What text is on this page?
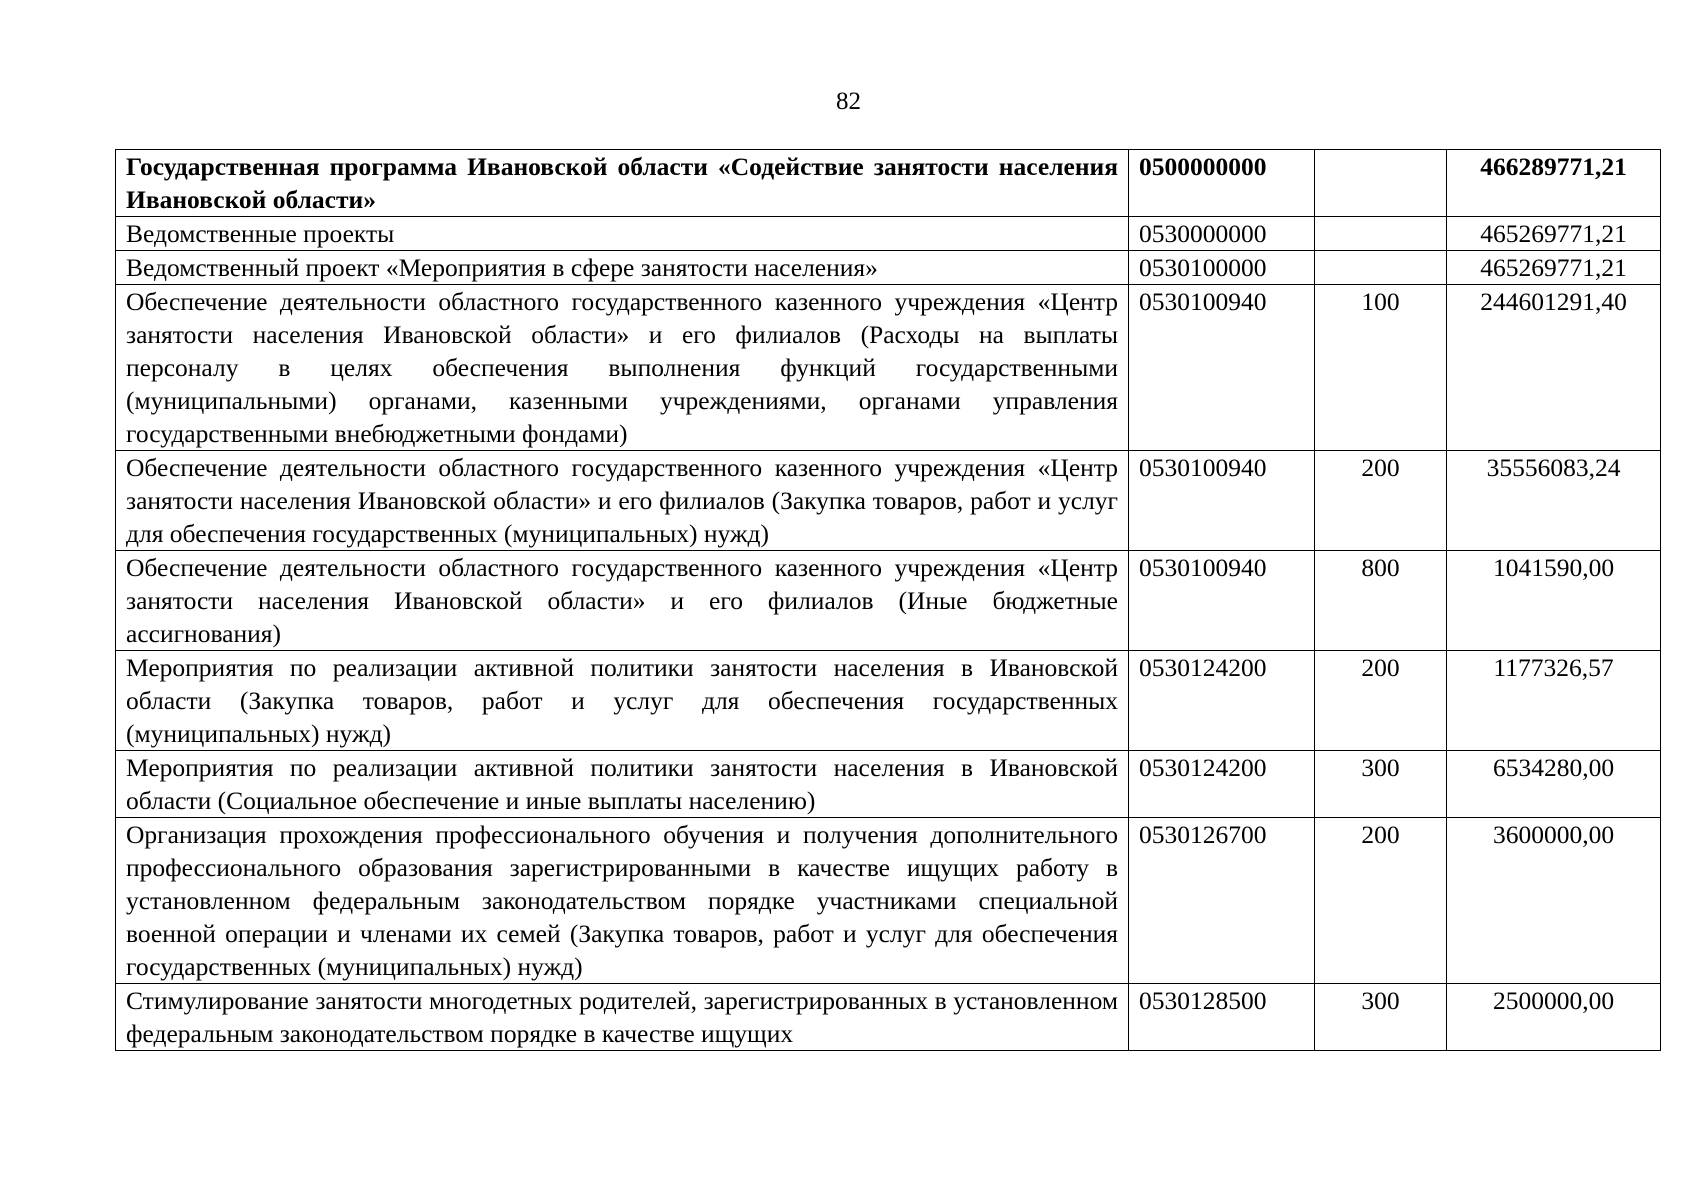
82
Государственная программа Ивановской области «Содействие занятости населения Ивановской области»	0500000000		466289771,21
Ведомственные проекты	0530000000		465269771,21
Ведомственный проект «Мероприятия в сфере занятости населения»	0530100000		465269771,21
Обеспечение деятельности областного государственного казенного учреждения «Центр занятости населения Ивановской области» и его филиалов (Расходы на выплаты персоналу в целях обеспечения выполнения функций государственными (муниципальными) органами, казенными учреждениями, органами управления государственными внебюджетными фондами)	0530100940	100	244601291,40
Обеспечение деятельности областного государственного казенного учреждения «Центр занятости населения Ивановской области» и его филиалов (Закупка товаров, работ и услуг для обеспечения государственных (муниципальных) нужд)	0530100940	200	35556083,24
Обеспечение деятельности областного государственного казенного учреждения «Центр занятости населения Ивановской области» и его филиалов (Иные бюджетные ассигнования)	0530100940	800	1041590,00
Мероприятия по реализации активной политики занятости населения в Ивановской области (Закупка товаров, работ и услуг для обеспечения государственных (муниципальных) нужд)	0530124200	200	1177326,57
Мероприятия по реализации активной политики занятости населения в Ивановской области (Социальное обеспечение и иные выплаты населению)	0530124200	300	6534280,00
Организация прохождения профессионального обучения и получения дополнительного профессионального образования зарегистрированными в качестве ищущих работу в установленном федеральным законодательством порядке участниками специальной военной операции и членами их семей (Закупка товаров, работ и услуг для обеспечения государственных (муниципальных) нужд)	0530126700	200	3600000,00
Стимулирование занятости многодетных родителей, зарегистрированных в установленном федеральным законодательством порядке в качестве ищущих	0530128500	300	2500000,00
